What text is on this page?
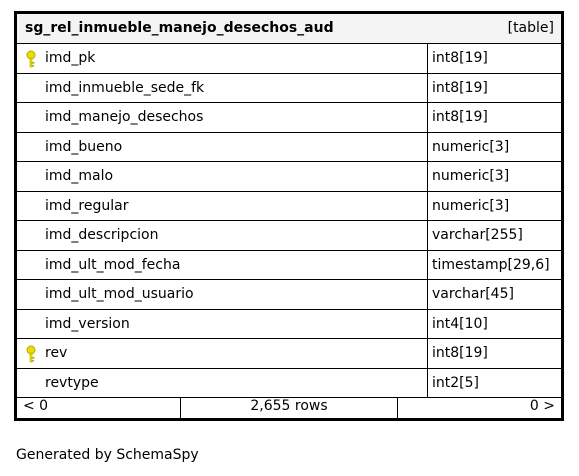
sg_rel_inmueble_manejo_desechos_aud	[table]
imd_pk	int8[19]
imd_inmueble_sede_fk	int8[19]
imd_manejo_desechos	int8[19]
imd_bueno	numeric[3]
imd_malo	numeric[3]
imd_regular	numeric[3]
imd_descripcion	varchar[255]
imd_ult_mod_fecha	timestamp[29,6]
imd_ult_mod_usuario	varchar[45]
imd_version	int4[10]
rev	int8[19]
revtype	int2[5]
< 0	2,655 rows	0 >
Generated by SchemaSpy
